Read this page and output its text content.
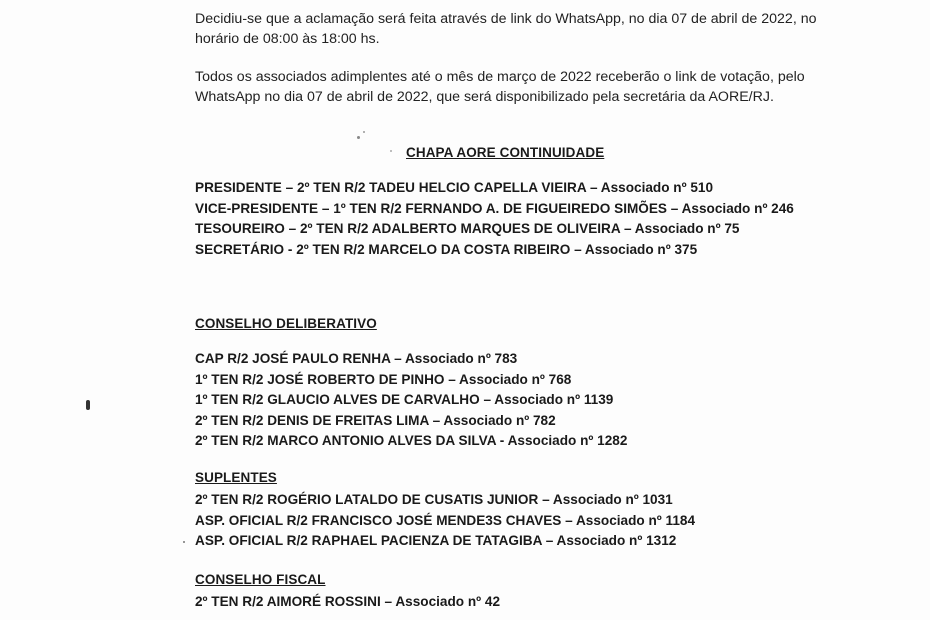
Decidiu-se que a aclamação será feita através de link do WhatsApp, no dia 07 de abril de 2022, no horário de 08:00 às 18:00 hs.

Todos os associados adimplentes até o mês de março de 2022 receberão o link de votação, pelo WhatsApp no dia 07 de abril de 2022, que será disponibilizado pela secretária da AORE/RJ.

CHAPA AORE CONTINUIDADE
PRESIDENTE – 2º TEN R/2 TADEU HELCIO CAPELLA VIEIRA – Associado nº 510
VICE-PRESIDENTE – 1º TEN R/2 FERNANDO A. DE FIGUEIREDO SIMÕES – Associado nº 246
TESOUREIRO – 2º TEN R/2 ADALBERTO MARQUES DE OLIVEIRA – Associado nº 75
SECRETÁRIO - 2º TEN R/2 MARCELO DA COSTA RIBEIRO – Associado nº 375
CONSELHO DELIBERATIVO
CAP R/2 JOSÉ PAULO RENHA – Associado nº 783
1º TEN R/2 JOSÉ ROBERTO DE PINHO – Associado nº 768
1º TEN R/2 GLAUCIO ALVES DE CARVALHO – Associado nº 1139
2º TEN R/2 DENIS DE FREITAS LIMA – Associado nº 782
2º TEN R/2 MARCO ANTONIO ALVES DA SILVA - Associado nº 1282
SUPLENTES
2º TEN R/2 ROGÉRIO LATALDO DE CUSATIS JUNIOR – Associado nº 1031
ASP. OFICIAL R/2 FRANCISCO JOSÉ MENDE3S CHAVES – Associado nº 1184
ASP. OFICIAL R/2 RAPHAEL PACIENZA DE TATAGIBA – Associado nº 1312
CONSELHO FISCAL
2º TEN R/2 AIMORÉ ROSSINI – Associado nº 42
